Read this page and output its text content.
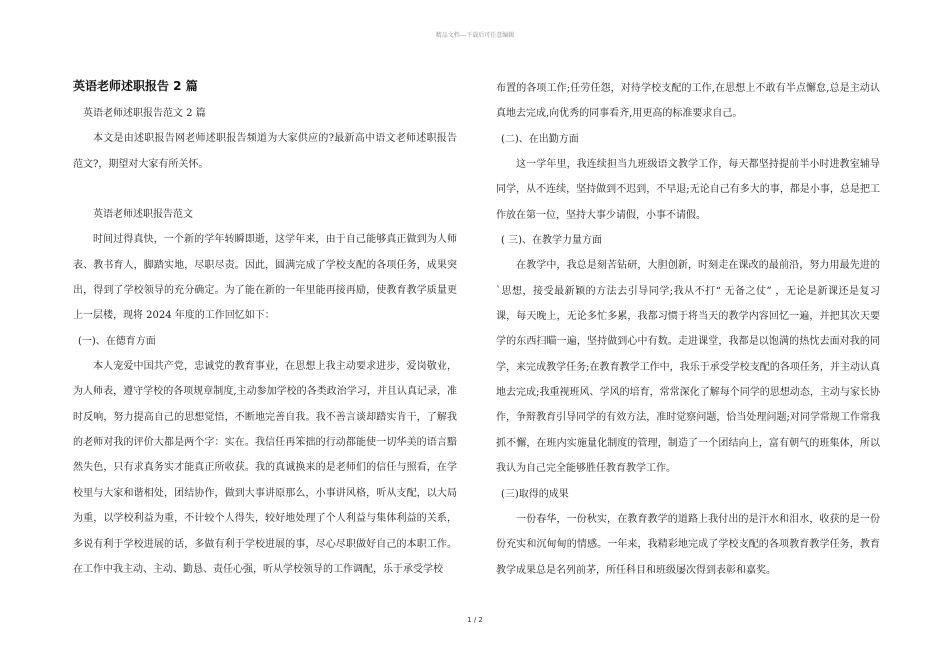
精品文档---下载后可任意编辑
英语老师述职报告 2 篇

英语老师述职报告范文 2 篇

本文是由述职报告网老师述职报告频道为大家供应的?最新高中语文老师述职报告范文?，期望对大家有所关怀。

英语老师述职报告范文

时间过得真快，一个新的学年转瞬即逝，这学年来，由于自己能够真正做到为人师表、教书育人，脚踏实地，尽职尽责。因此，圆满完成了学校支配的各项任务，成果突出，得到了学校领导的充分确定。为了能在新的一年里能再接再励，使教育教学质量更上一层楼，现将 2024 年度的工作回忆如下：

(一)、在德育方面

本人宠爱中国共产党，忠诚党的教育事业，在思想上我主动要求进步，爱岗敬业，为人师表，遵守学校的各项规章制度,主动参加学校的各类政治学习，并且认真记录，准时反响，努力提高自己的思想觉悟，不断地完善自我。我不善言谈却踏实肯干，了解我的老师对我的评价大都是两个字：实在。我信任再笨拙的行动都能使一切华美的语言黯然失色，只有求真务实才能真正所收获。我的真诚换来的是老师们的信任与照看，在学校里与大家和谐相处，团结协作，做到大事讲原那么，小事讲风格，听从支配，以大局为重，以学校利益为重，不计较个人得失，较好地处理了个人利益与集体利益的关系，多说有利于学校进展的话，多做有利于学校进展的事，尽心尽职做好自己的本职工作。在工作中我主动、主动、勤恳、责任心强，听从学校领导的工作调配，乐于承受学校

布置的各项工作;任劳任怨，对待学校支配的工作,在思想上不敢有半点懈怠,总是主动认真地去完成,向优秀的同事看齐,用更高的标准要求自己。

(二)、在出勤方面

这一学年里，我连续担当九班级语文教学工作，每天都坚持提前半小时进教室辅导同学，从不连续，坚持做到不迟到，不早退;无论自己有多大的事，都是小事，总是把工作放在第一位，坚持大事少请假，小事不请假。

( 三)、在教学力量方面

在教学中，我总是刻苦钻研，大胆创新，时刻走在课改的最前沿，努力用最先进的`思想，接受最新颖的方法去引导同学;我从不打“ 无备之仗” ，无论是新课还是复习课，每天晚上，无论多忙多累，我都习惯于将当天的教学内容回忆一遍，并把其次天要学的东西扫瞄一遍，坚持做到心中有数。走进课堂，我都是以饱满的热忱去面对我的同学，来完成教学任务;在教育教学工作中，我乐于承受学校支配的各项任务，并主动认真地去完成;我重视班风、学风的培育，常常深化了解每个同学的思想动态，主动与家长协作，争辩教育引导同学的有效方法，准时觉察问题，恰当处理问题;对同学常规工作常我抓不懈，在班内实施量化制度的管理，制造了一个团结向上，富有朝气的班集体，所以我认为自己完全能够胜任教育教学工作。

(三)取得的成果

一份春华，一份秋实，在教育教学的道路上我付出的是汗水和泪水，收获的是一份份充实和沉甸甸的情感。一年来，我精彩地完成了学校支配的各项教育教学任务，教育教学成果总是名列前茅，所任科目和班级屡次得到表彰和嘉奖。

1 / 2
